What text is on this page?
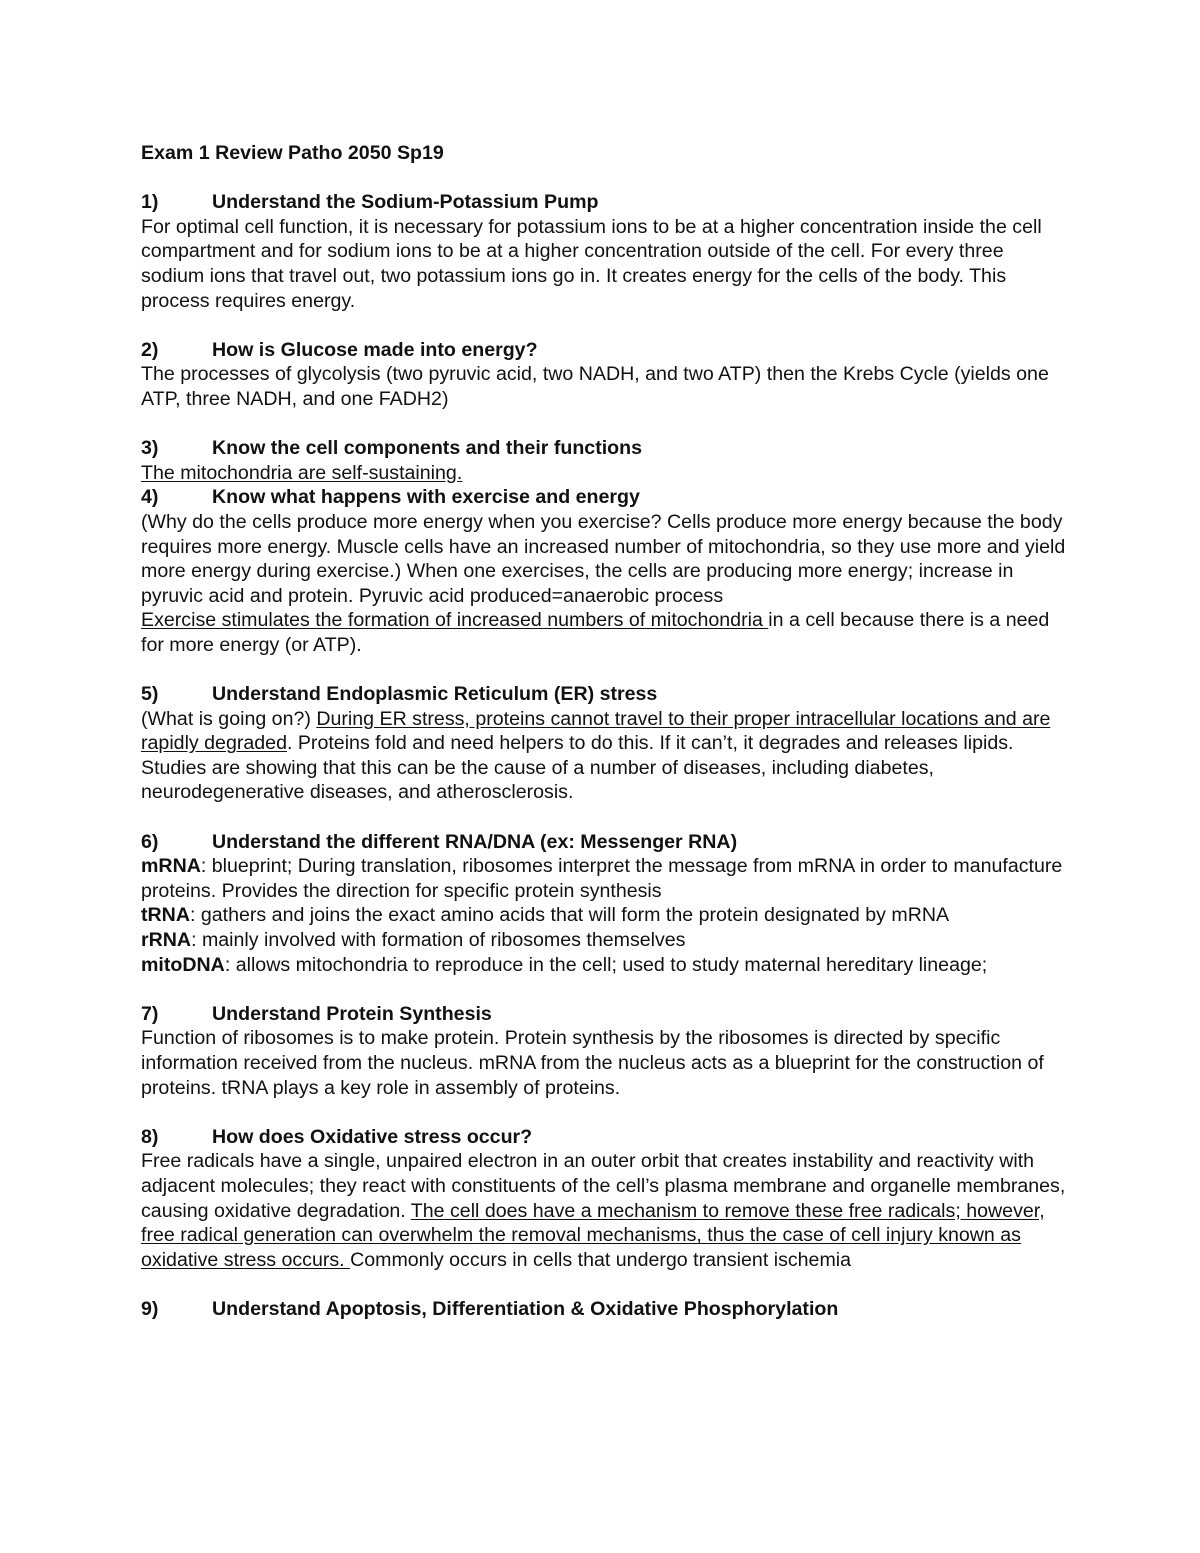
Exam 1 Review Patho 2050 Sp19

1)	Understand the Sodium-Potassium Pump

For optimal cell function, it is necessary for potassium ions to be at a higher concentration inside the cell compartment and for sodium ions to be at a higher concentration outside of the cell. For every three sodium ions that travel out, two potassium ions go in. It creates energy for the cells of the body. This process requires energy.

2)	How is Glucose made into energy?

The processes of glycolysis (two pyruvic acid, two NADH, and two ATP) then the Krebs Cycle (yields one ATP, three NADH, and one FADH2)

3)	Know the cell components and their functions

The mitochondria are self-sustaining.

4)	Know what happens with exercise and energy

(Why do the cells produce more energy when you exercise? Cells produce more energy because the body requires more energy. Muscle cells have an increased number of mitochondria, so they use more and yield more energy during exercise.) When one exercises, the cells are producing more energy; increase in pyruvic acid and protein. Pyruvic acid produced=anaerobic process

Exercise stimulates the formation of increased numbers of mitochondria in a cell because there is a need for more energy (or ATP).

5)	Understand Endoplasmic Reticulum (ER) stress

(What is going on?) During ER stress, proteins cannot travel to their proper intracellular locations and are rapidly degraded. Proteins fold and need helpers to do this. If it can’t, it degrades and releases lipids. Studies are showing that this can be the cause of a number of diseases, including diabetes, neurodegenerative diseases, and atherosclerosis.

6)	Understand the different RNA/DNA (ex: Messenger RNA)

mRNA: blueprint; During translation, ribosomes interpret the message from mRNA in order to manufacture proteins. Provides the direction for specific protein synthesis

tRNA: gathers and joins the exact amino acids that will form the protein designated by mRNA

rRNA: mainly involved with formation of ribosomes themselves

mitoDNA: allows mitochondria to reproduce in the cell; used to study maternal hereditary lineage;

7)	Understand Protein Synthesis

Function of ribosomes is to make protein. Protein synthesis by the ribosomes is directed by specific information received from the nucleus. mRNA from the nucleus acts as a blueprint for the construction of proteins. tRNA plays a key role in assembly of proteins.

8)	How does Oxidative stress occur?

Free radicals have a single, unpaired electron in an outer orbit that creates instability and reactivity with adjacent molecules; they react with constituents of the cell’s plasma membrane and organelle membranes, causing oxidative degradation. The cell does have a mechanism to remove these free radicals; however, free radical generation can overwhelm the removal mechanisms, thus the case of cell injury known as oxidative stress occurs. Commonly occurs in cells that undergo transient ischemia

9)	Understand Apoptosis, Differentiation & Oxidative Phosphorylation
